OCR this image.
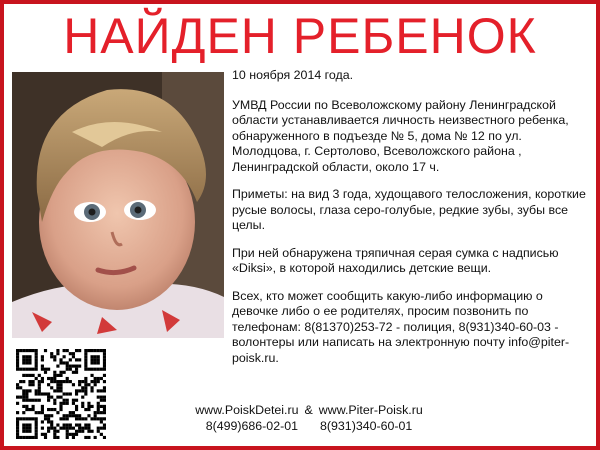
НАЙДЕН РЕБЕНОК

10 ноября 2014 года.

УМВД России по Всеволожскому району Ленинградской области устанавливается личность неизвестного ребенка, обнаруженного в подъезде № 5, дома № 12 по ул. Молодцова, г. Сертолово, Всеволожского района , Ленинградской области, около 17 ч.

Приметы: на вид 3 года, худощавого телосложения, короткие русые волосы, глаза серо-голубые, редкие зубы, зубы все целы.

При ней обнаружена тряпичная серая сумка с надписью «Diksi», в которой находились детские вещи.

Всех, кто может сообщить какую-либо информацию о девочке либо о ее родителях, просим позвонить по телефонам: 8(81370)253-72 - полиция, 8(931)340-60-03 - волонтеры или написать на электронную почту info@piter-poisk.ru.

www.PoiskDetei.ru & www.Piter-Poisk.ru
8(499)686-02-01 8(931)340-60-01
